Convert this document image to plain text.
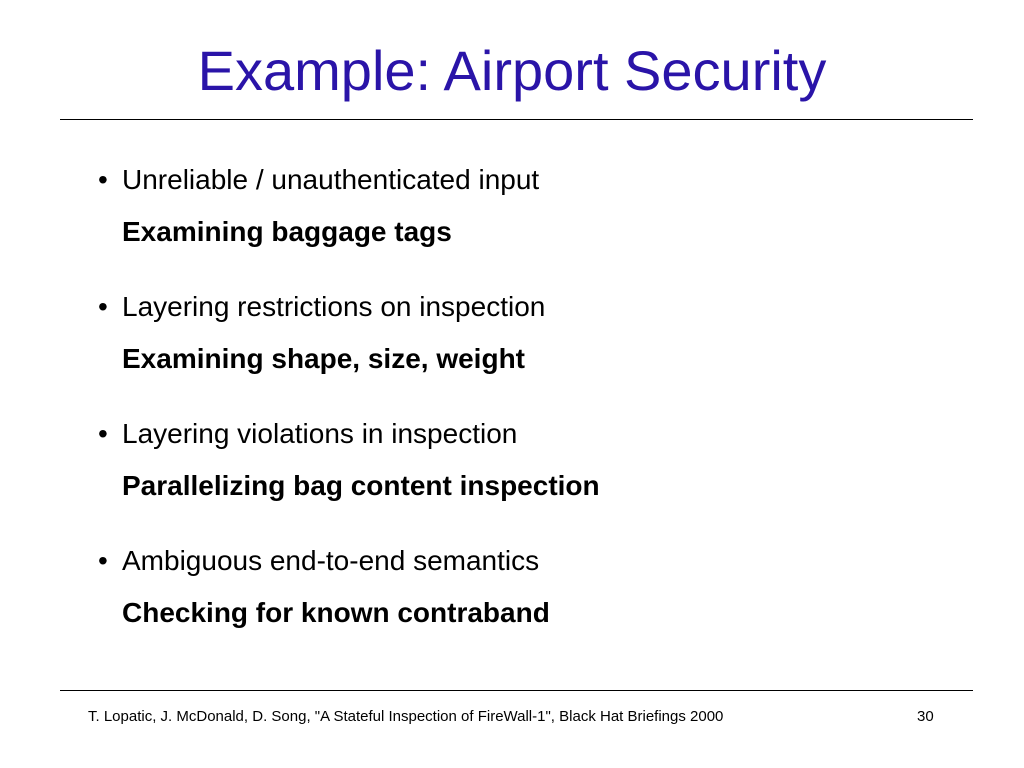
Example: Airport Security
• Unreliable / unauthenticated input
Examining baggage tags
• Layering restrictions on inspection
Examining shape, size, weight
• Layering violations in inspection
Parallelizing bag content inspection
• Ambiguous end-to-end semantics
Checking for known contraband
T. Lopatic, J. McDonald, D. Song, "A Stateful Inspection of FireWall-1", Black Hat Briefings 2000	30
